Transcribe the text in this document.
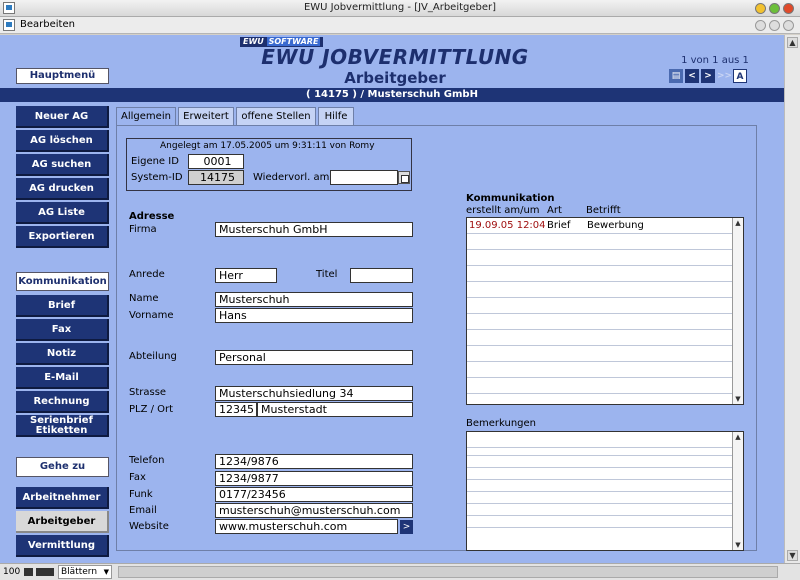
EWU Jobvermittlung - [JV_Arbeitgeber]
Bearbeiten
EWU SOFTWARE
EWU JOBVERMITTLUNG
Arbeitgeber
1 von 1 aus 1
▤ < > >> A
( 14175 ) / Musterschuh GmbH
Hauptmenü
Neuer AG
AG löschen
AG suchen
AG drucken
AG Liste
Exportieren
Kommunikation
Brief
Fax
Notiz
E-Mail
Rechnung
Serienbrief
Etiketten
Gehe zu
Arbeitnehmer
Arbeitgeber
Vermittlung
Allgemein	Erweitert	offene Stellen	Hilfe
Angelegt am 17.05.2005 um 9:31:11 von Romy
Eigene ID	0001
System-ID	14175	Wiedervorl. am
Adresse
Firma	Musterschuh GmbH
Anrede	Herr	Titel
Name	Musterschuh
Vorname	Hans
Abteilung	Personal
Strasse	Musterschuhsiedlung 34
PLZ / Ort	12345 Musterstadt
Telefon	1234/9876
Fax	1234/9877
Funk	0177/23456
Email	musterschuh@musterschuh.com
Website	www.musterschuh.com	>
Kommunikation
erstellt am/um Art Betrifft
19.09.05 12:04 Brief Bewerbung	▲
▼
Bemerkungen
▲
▼
▲
▼
100	Blättern ▼
